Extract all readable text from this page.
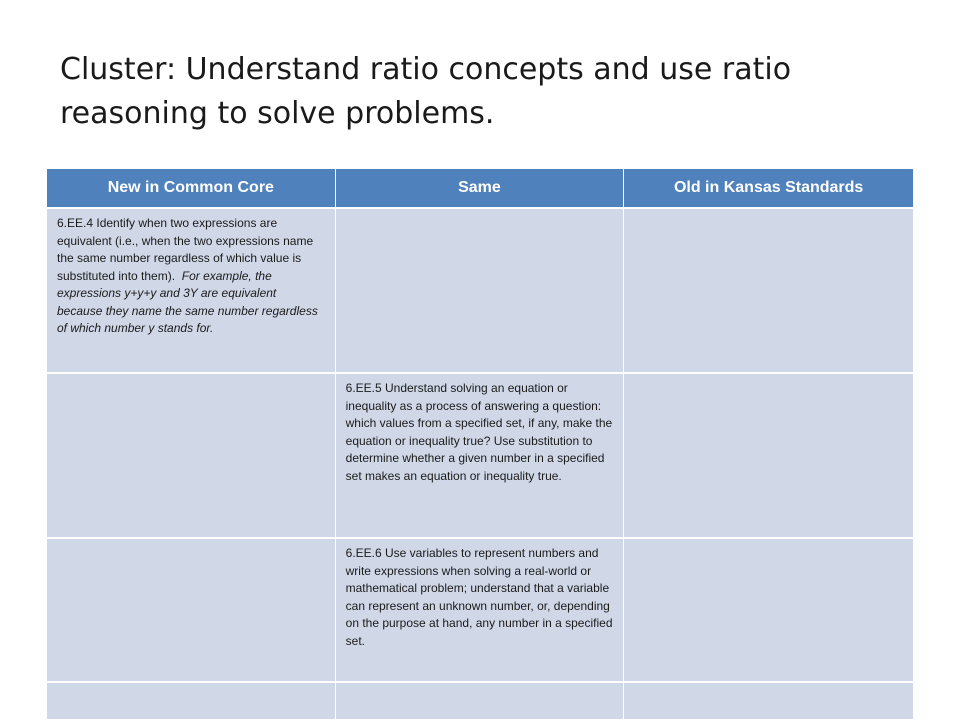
Cluster: Understand ratio concepts and use ratio reasoning to solve problems.
New in Common Core	Same	Old in Kansas Standards
6.EE.4 Identify when two expressions are equivalent (i.e., when the two expressions name the same number regardless of which value is substituted into them). For example, the expressions y+y+y and 3Y are equivalent because they name the same number regardless of which number y stands for.		
	6.EE.5 Understand solving an equation or inequality as a process of answering a question: which values from a specified set, if any, make the equation or inequality true? Use substitution to determine whether a given number in a specified set makes an equation or inequality true.	
	6.EE.6 Use variables to represent numbers and write expressions when solving a real-world or mathematical problem; understand that a variable can represent an unknown number, or, depending on the purpose at hand, any number in a specified set.	
